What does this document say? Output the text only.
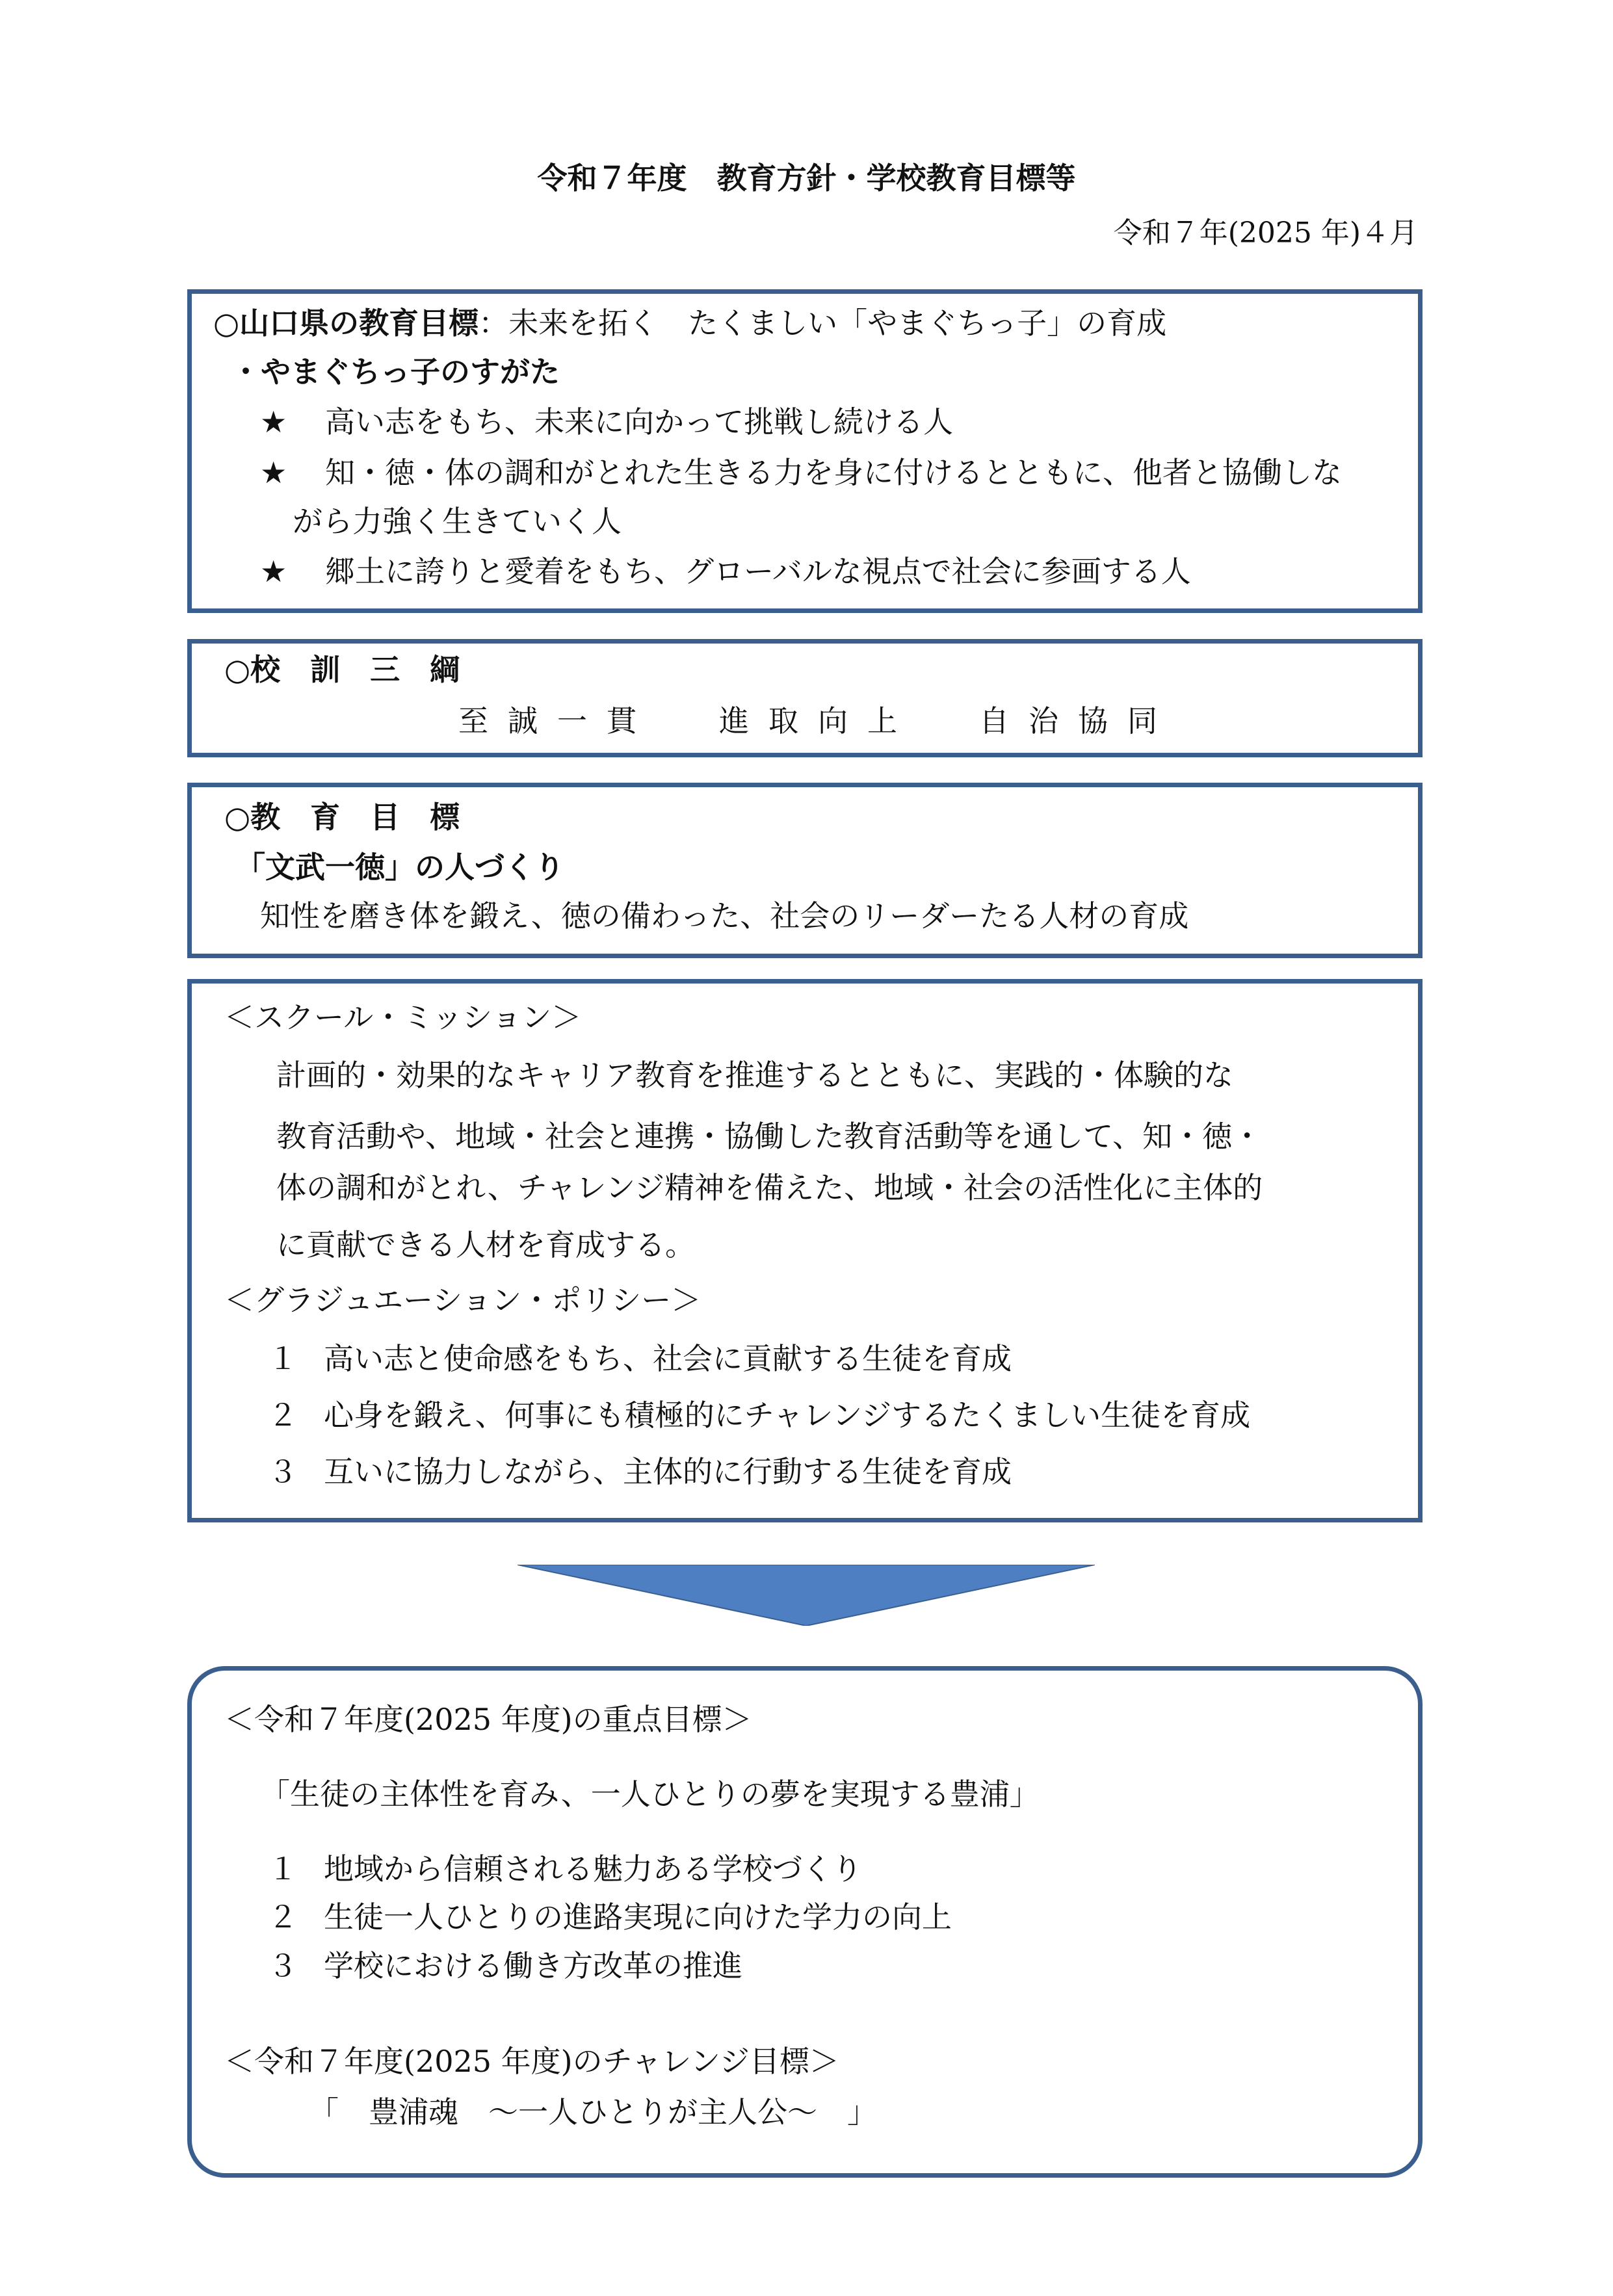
令和７年度　教育方針・学校教育目標等
令和７年(2025 年)４月
○山口県の教育目標：未来を拓く　たくましい「やまぐちっ子」の育成
・やまぐちっ子のすがた
★ 高い志をもち、未来に向かって挑戦し続ける人
★ 知・徳・体の調和がとれた生きる力を身に付けるとともに、他者と協働しな
がら力強く生きていく人
★ 郷土に誇りと愛着をもち、グローバルな視点で社会に参画する人
○校　訓　三　綱
至誠一貫 進取向上 自治協同
○教　育　目　標
「文武一徳」の人づくり
知性を磨き体を鍛え、徳の備わった、社会のリーダーたる人材の育成
＜スクール・ミッション＞
計画的・効果的なキャリア教育を推進するとともに、実践的・体験的な
教育活動や、地域・社会と連携・協働した教育活動等を通して、知・徳・
体の調和がとれ、チャレンジ精神を備えた、地域・社会の活性化に主体的
に貢献できる人材を育成する。
＜グラジュエーション・ポリシー＞
１ 高い志と使命感をもち、社会に貢献する生徒を育成
２ 心身を鍛え、何事にも積極的にチャレンジするたくましい生徒を育成
３ 互いに協力しながら、主体的に行動する生徒を育成
＜令和７年度(2025 年度)の重点目標＞
「生徒の主体性を育み、一人ひとりの夢を実現する豊浦」
１ 地域から信頼される魅力ある学校づくり
２ 生徒一人ひとりの進路実現に向けた学力の向上
３ 学校における働き方改革の推進
＜令和７年度(2025 年度)のチャレンジ目標＞
「　豊浦魂　～一人ひとりが主人公～　」
